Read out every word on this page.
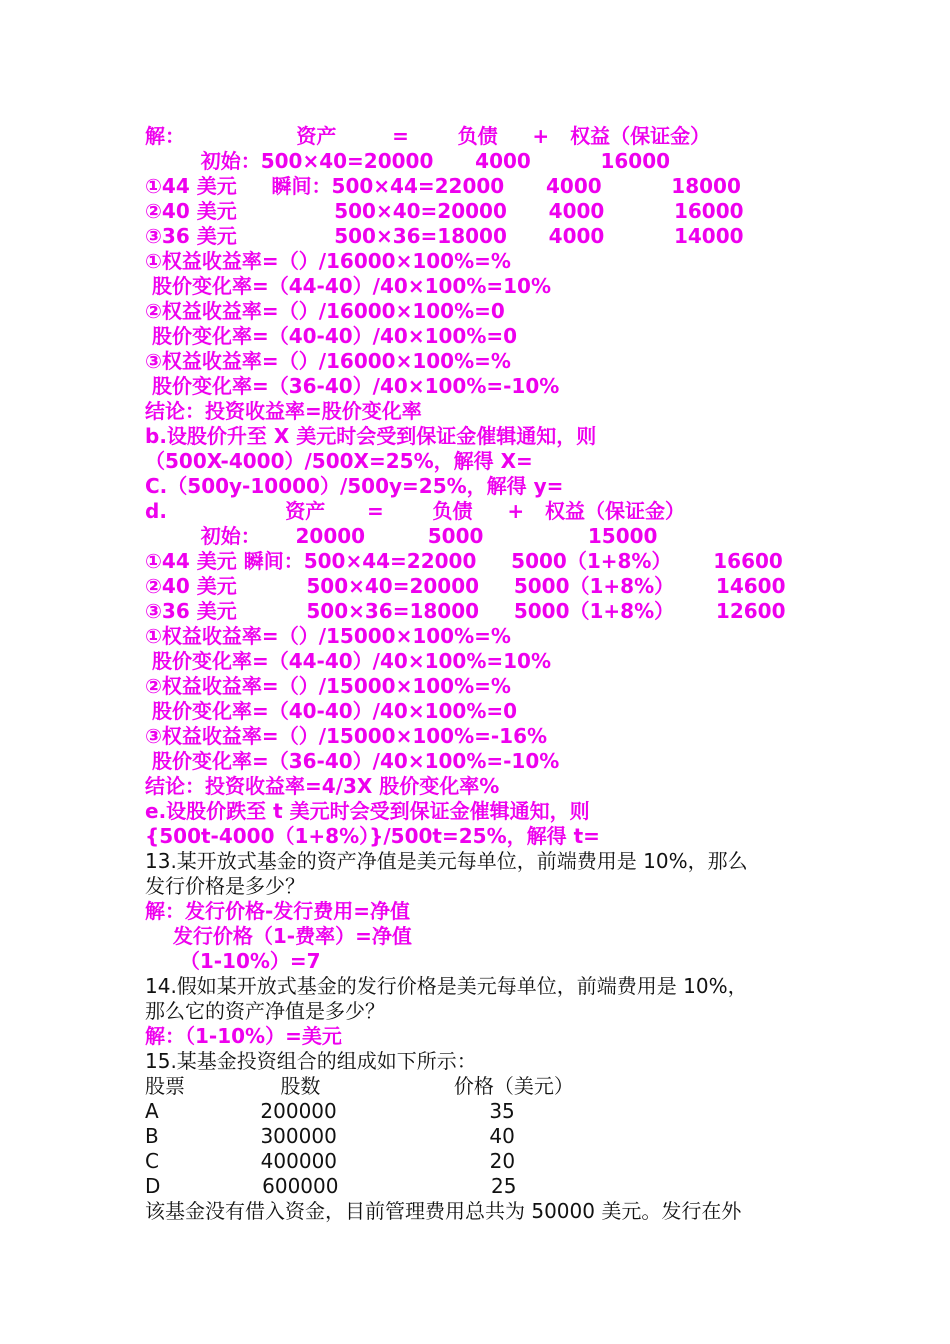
解：                资产        =       负债     +   权益（保证金）
初始：500×40=20000      4000          16000
①44 美元     瞬间：500×44=22000      4000          18000
②40 美元              500×40=20000      4000          16000
③36 美元              500×36=18000      4000          14000
①权益收益率=（）/16000×100%=%
股价变化率=（44-40）/40×100%=10%
②权益收益率=（）/16000×100%=0
股价变化率=（40-40）/40×100%=0
③权益收益率=（）/16000×100%=%
股价变化率=（36-40）/40×100%=-10%
结论：投资收益率=股价变化率
b.设股价升至 X 美元时会受到保证金催辑通知，则
（500X-4000）/500X=25%，解得 X=
C.（500y-10000）/500y=25%，解得 y=
d.                 资产      =       负债     +   权益（保证金）
初始：     20000         5000               15000
①44 美元 瞬间：500×44=22000     5000（1+8%）      16600
②40 美元          500×40=20000     5000（1+8%）      14600
③36 美元          500×36=18000     5000（1+8%）      12600
①权益收益率=（）/15000×100%=%
股价变化率=（44-40）/40×100%=10%
②权益收益率=（）/15000×100%=%
股价变化率=（40-40）/40×100%=0
③权益收益率=（）/15000×100%=-16%
股价变化率=（36-40）/40×100%=-10%
结论：投资收益率=4/3X 股价变化率%
e.设股价跌至 t 美元时会受到保证金催辑通知，则
{500t-4000（1+8%）}/500t=25%，解得 t=
13.某开放式基金的资产净值是美元每单位，前端费用是 10%，那么
发行价格是多少？
解：发行价格-发行费用=净值
发行价格（1-费率）=净值
（1-10%）=7
14.假如某开放式基金的发行价格是美元每单位，前端费用是 10%，
那么它的资产净值是多少？
解：（1-10%）=美元
15.某基金投资组合的组成如下所示：
股票               股数                     价格（美元）
A                200000                        35
B                300000                        40
C                400000                        20
D                600000                        25
该基金没有借入资金，目前管理费用总共为 50000 美元。发行在外
